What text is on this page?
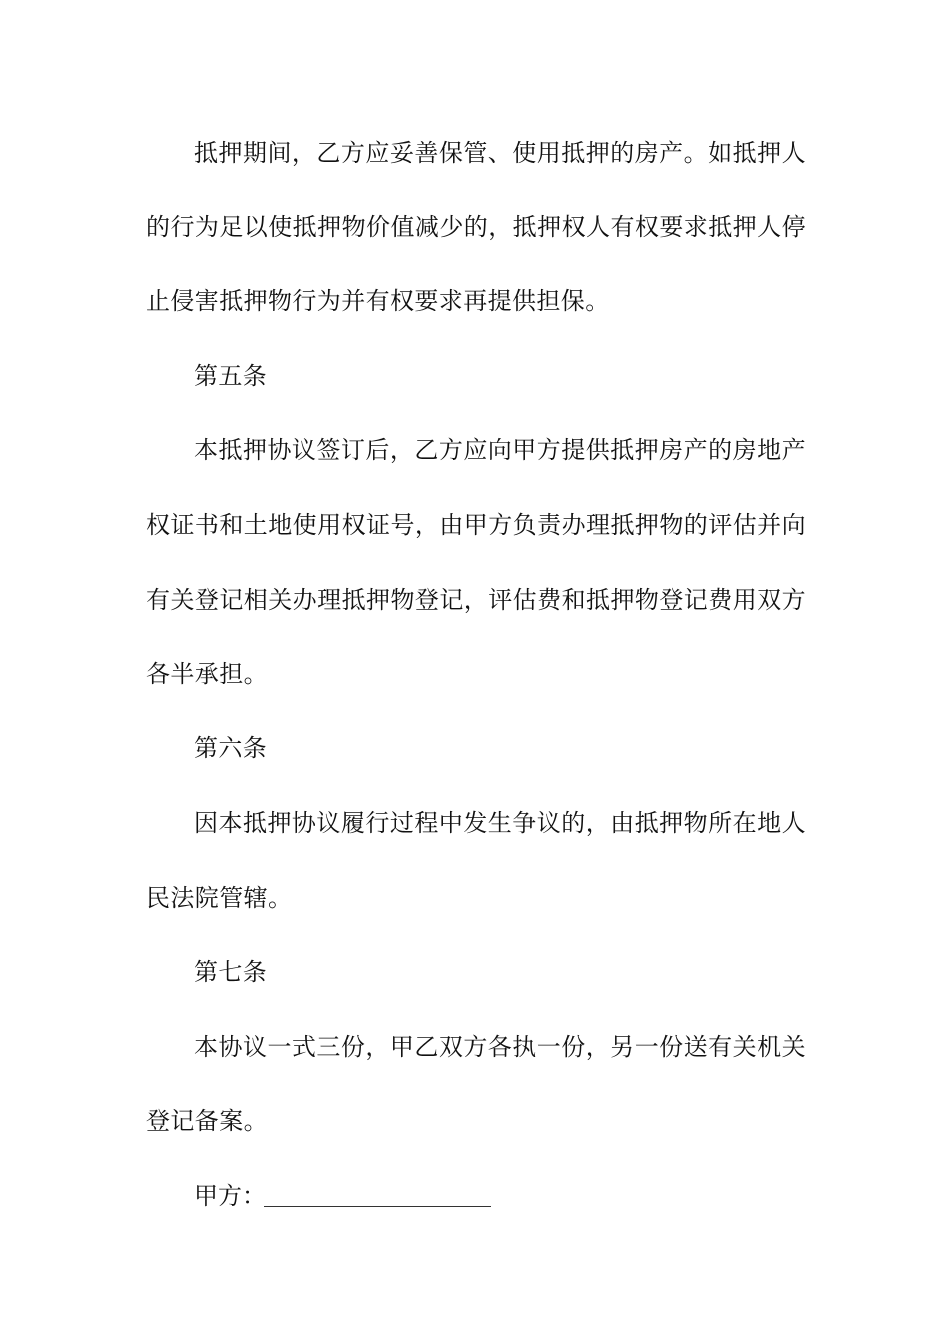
抵押期间，乙方应妥善保管、使用抵押的房产。如抵押人
的行为足以使抵押物价值减少的，抵押权人有权要求抵押人停
止侵害抵押物行为并有权要求再提供担保。
第五条
本抵押协议签订后，乙方应向甲方提供抵押房产的房地产
权证书和土地使用权证号，由甲方负责办理抵押物的评估并向
有关登记相关办理抵押物登记，评估费和抵押物登记费用双方
各半承担。
第六条
因本抵押协议履行过程中发生争议的，由抵押物所在地人
民法院管辖。
第七条
本协议一式三份，甲乙双方各执一份，另一份送有关机关
登记备案。
甲方：
